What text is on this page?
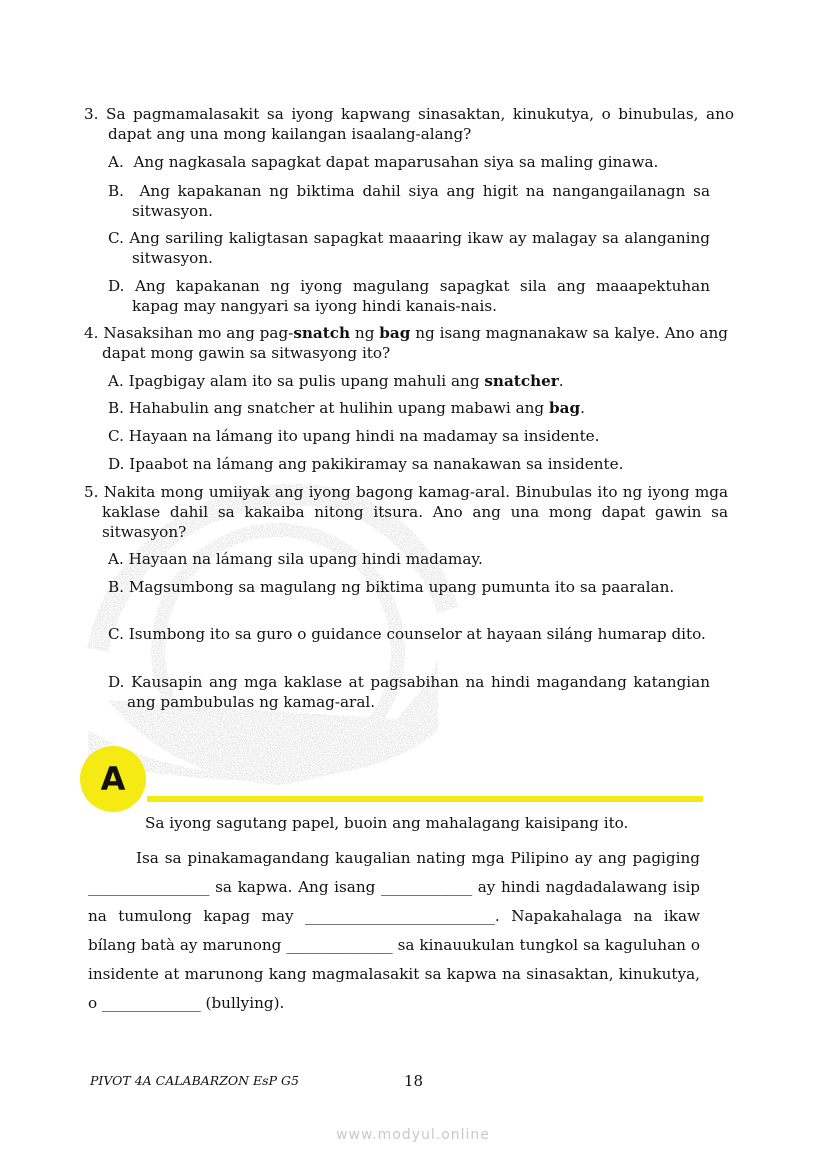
3. Sa pagmamalasakit sa iyong kapwang sinasaktan, kinukutya, o binubulas, ano dapat ang una mong kailangan isaalang-alang?
A. Ang nagkasala sapagkat dapat maparusahan siya sa maling ginawa.
B. Ang kapakanan ng biktima dahil siya ang higit na nangangailanagn sa sitwasyon.
C. Ang sariling kaligtasan sapagkat maaaring ikaw ay malagay sa alanganing sitwasyon.
D. Ang kapakanan ng iyong magulang sapagkat sila ang maaapektuhan kapag may nangyari sa iyong hindi kanais-nais.
4. Nasaksihan mo ang pag-snatch ng bag ng isang magnanakaw sa kalye. Ano ang dapat mong gawin sa sitwasyong ito?
A. Ipagbigay alam ito sa pulis upang mahuli ang snatcher.
B. Hahabulin ang snatcher at hulihin upang mabawi ang bag.
C. Hayaan na lámang ito upang hindi na madamay sa insidente.
D. Ipaabot na lámang ang pakikiramay sa nanakawan sa insidente.
5. Nakita mong umiiyak ang iyong bagong kamag-aral. Binubulas ito ng iyong mga kaklase dahil sa kakaiba nitong itsura. Ano ang una mong dapat gawin sa sitwasyon?
A. Hayaan na lámang sila upang hindi madamay.
B. Magsumbong sa magulang ng biktima upang pumunta ito sa paaralan.
C. Isumbong ito sa guro o guidance counselor at hayaan siláng humarap dito.
D. Kausapin ang mga kaklase at pagsabihan na hindi magandang katangian ang pambubulas ng kamag-aral.
A
Sa iyong sagutang papel, buoin ang mahalagang kaisipang ito.
Isa sa pinakamagandang kaugalian nating mga Pilipino ay ang pagiging ________________ sa kapwa. Ang isang ____________ ay hindi nagdadalawang isip na tumulong kapag may _________________________. Napakahalaga na ikaw bílang batà ay marunong ______________ sa kinauukulan tungkol sa kaguluhan o insidente at marunong kang magmalasakit sa kapwa na sinasaktan, kinukutya, o _____________ (bullying).
PIVOT 4A CALABARZON EsP G5	18
www.modyul.online
